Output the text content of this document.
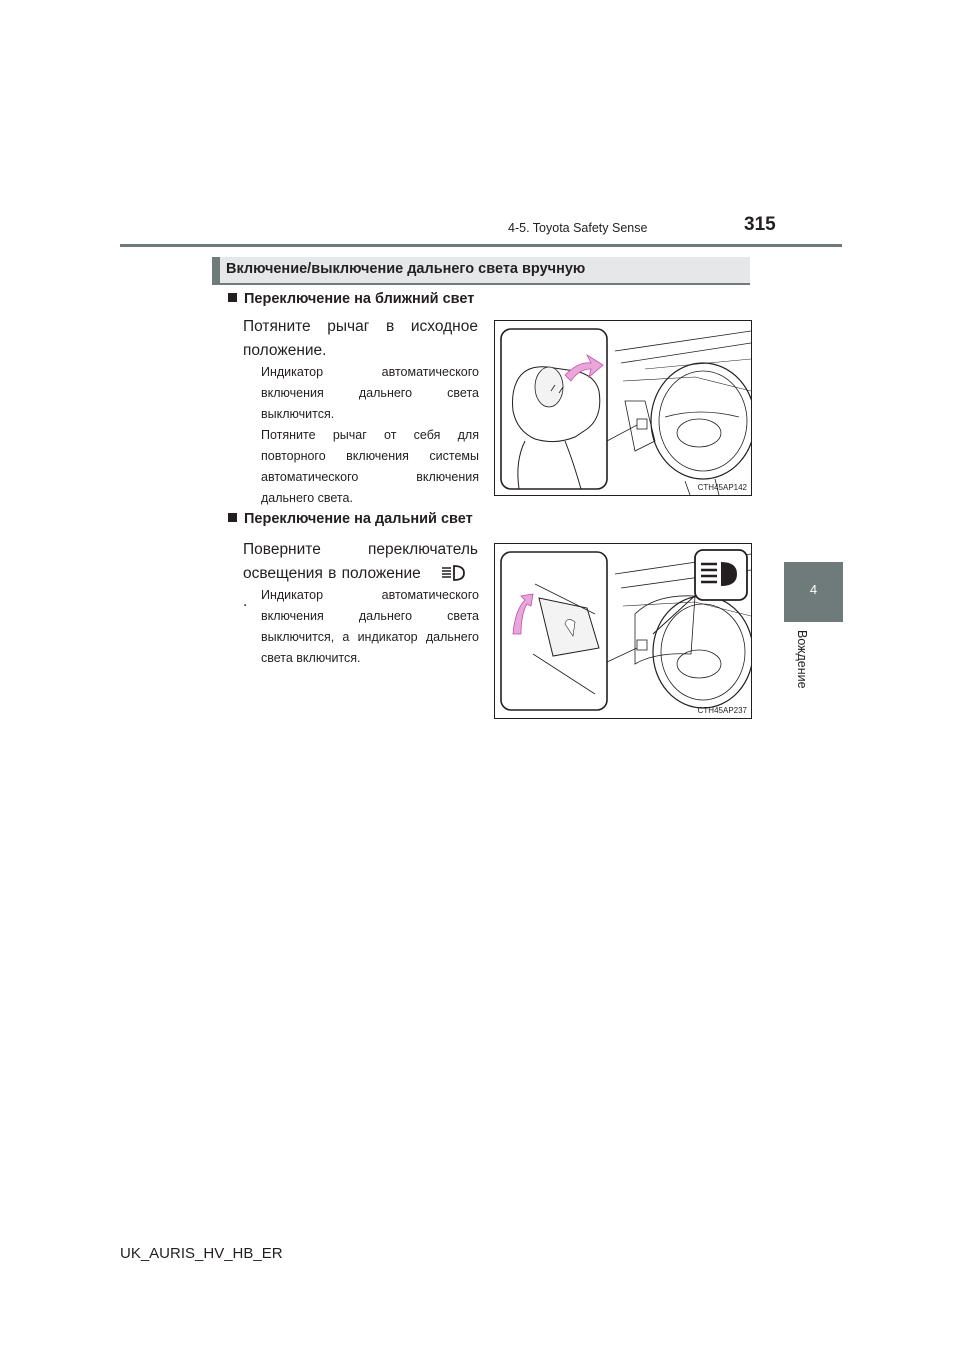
4-5. Toyota Safety Sense	315
4
Вождение
Включение/выключение дальнего света вручную
Переключение на ближний свет
Потяните рычаг в исходное положение.
Индикатор автоматического включения дальнего света выключится.
Потяните рычаг от себя для повторного включения системы автоматического включения дальнего света.
CTH45AP142
Переключение на дальний свет
Поверните переключатель освещения в положение .	Индикатор автоматического включения дальнего света выключится, а индикатор дальнего света включится.
CTH45AP237
UK_AURIS_HV_HB_ER
